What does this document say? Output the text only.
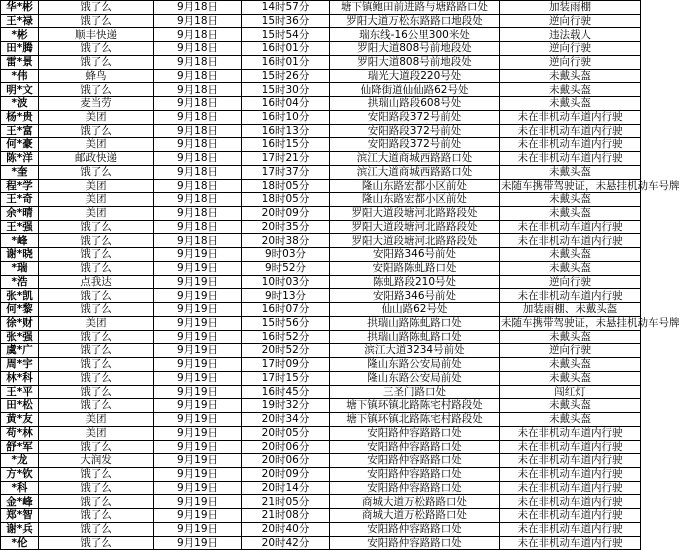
华*彬	饿了么	9月18日	14时57分	塘下镇鲍田前进路与塘路路口处	加装雨棚
王*禄	饿了么	9月18日	15时36分	罗阳大道万松东路路口地段处	逆向行驶
*彬	顺丰快递	9月18日	15时54分	瑞东线-16公里300米处	违法载人
田*腾	饿了么	9月18日	16时01分	罗阳大道808号前地段处	逆向行驶
雷*景	饿了么	9月18日	16时01分	罗阳大道808号前地段处	逆向行驶
*伟	蜂鸟	9月18日	15时26分	瑞光大道段220号处	未戴头盔
明*文	饿了么	9月18日	15时30分	仙降街道仙仙路62号处	未戴头盔
*波	麦当劳	9月18日	16时04分	拱瑞山路段608号处	未戴头盔
杨*贵	美团	9月18日	16时10分	安阳路段372号前处	未在非机动车道内行驶
王*富	饿了么	9月18日	16时13分	安阳路段372号前处	未在非机动车道内行驶
何*豪	美团	9月18日	16时15分	安阳路段372号前处	未在非机动车道内行驶
陈*洋	邮政快递	9月18日	17时21分	滨江大道商城西路路口处	未在非机动车道内行驶
*奎	饿了么	9月18日	17时37分	滨江大道商城西路路口处	未戴头盔
程*学	美团	9月18日	18时05分	隆山东路宏都小区前处	未随车携带驾驶证，未悬挂机动车号牌
王*奇	美团	9月18日	18时05分	隆山东路宏都小区前处	未戴头盔
余*晴	美团	9月18日	20时09分	罗阳大道段塘河北路路段处	未戴头盔
王*强	饿了么	9月18日	20时35分	罗阳大道段塘河北路路段处	未在非机动车道内行驶
*峰	饿了么	9月18日	20时38分	罗阳大道段塘河北路路段处	未在非机动车道内行驶
谢*晓	饿了么	9月19日	9时03分	安阳路346号前处	未戴头盔
*瑞	饿了么	9月19日	9时52分	安阳路陈虬路口处	未戴头盔
*浩	点我达	9月19日	10时03分	陈虬路段210号处	逆向行驶
张*凯	饿了么	9月19日	9时13分	安阳路346号前处	未在非机动车道内行驶
何*黎	饿了么	9月19日	16时07分	仙山路62号处	加装雨棚、未戴头盔
徐*财	美团	9月19日	15时56分	拱瑞山路陈虬路口处	未随车携带驾驶证，未悬挂机动车号牌
张*强	饿了么	9月19日	16时52分	拱瑞山路陈虬路口处	未戴头盔
虞*广	饿了么	9月19日	20时52分	滨江大道3234号前处	逆向行驶
周*宇	饿了么	9月19日	17时09分	隆山东路公安局前处	未戴头盔
林*科	饿了么	9月19日	17时15分	隆山东路公安局前处	未戴头盔
王*平	饿了么	9月19日	16时45分	三圣门路口处	闯红灯
田*松	饿了么	9月19日	19时32分	塘下镇环镇北路陈宅村路段处	未戴头盔
黄*友	美团	9月19日	20时34分	塘下镇环镇北路陈宅村路段处	未戴头盔
苟*林	美团	9月19日	20时05分	安阳路仲容路路口处	未在非机动车道内行驶
舒*军	饿了么	9月19日	20时06分	安阳路仲容路路口处	未在非机动车道内行驶
*龙	大润发	9月19日	20时06分	安阳路仲容路路口处	未在非机动车道内行驶
方*钦	饿了么	9月19日	20时09分	安阳路仲容路路口处	未在非机动车道内行驶
*科	饿了么	9月19日	20时14分	安阳路仲容路路口处	未在非机动车道内行驶
金*峰	饿了么	9月19日	21时05分	商城大道万松路路口处	未在非机动车道内行驶
郑*智	饿了么	9月19日	21时08分	商城大道万松路路口处	未在非机动车道内行驶
谢*兵	饿了么	9月19日	20时40分	安阳路仲容路路口处	未在非机动车道内行驶
*伦	饿了么	9月19日	20时42分	安阳路仲容路路口处	未在非机动车道内行驶
